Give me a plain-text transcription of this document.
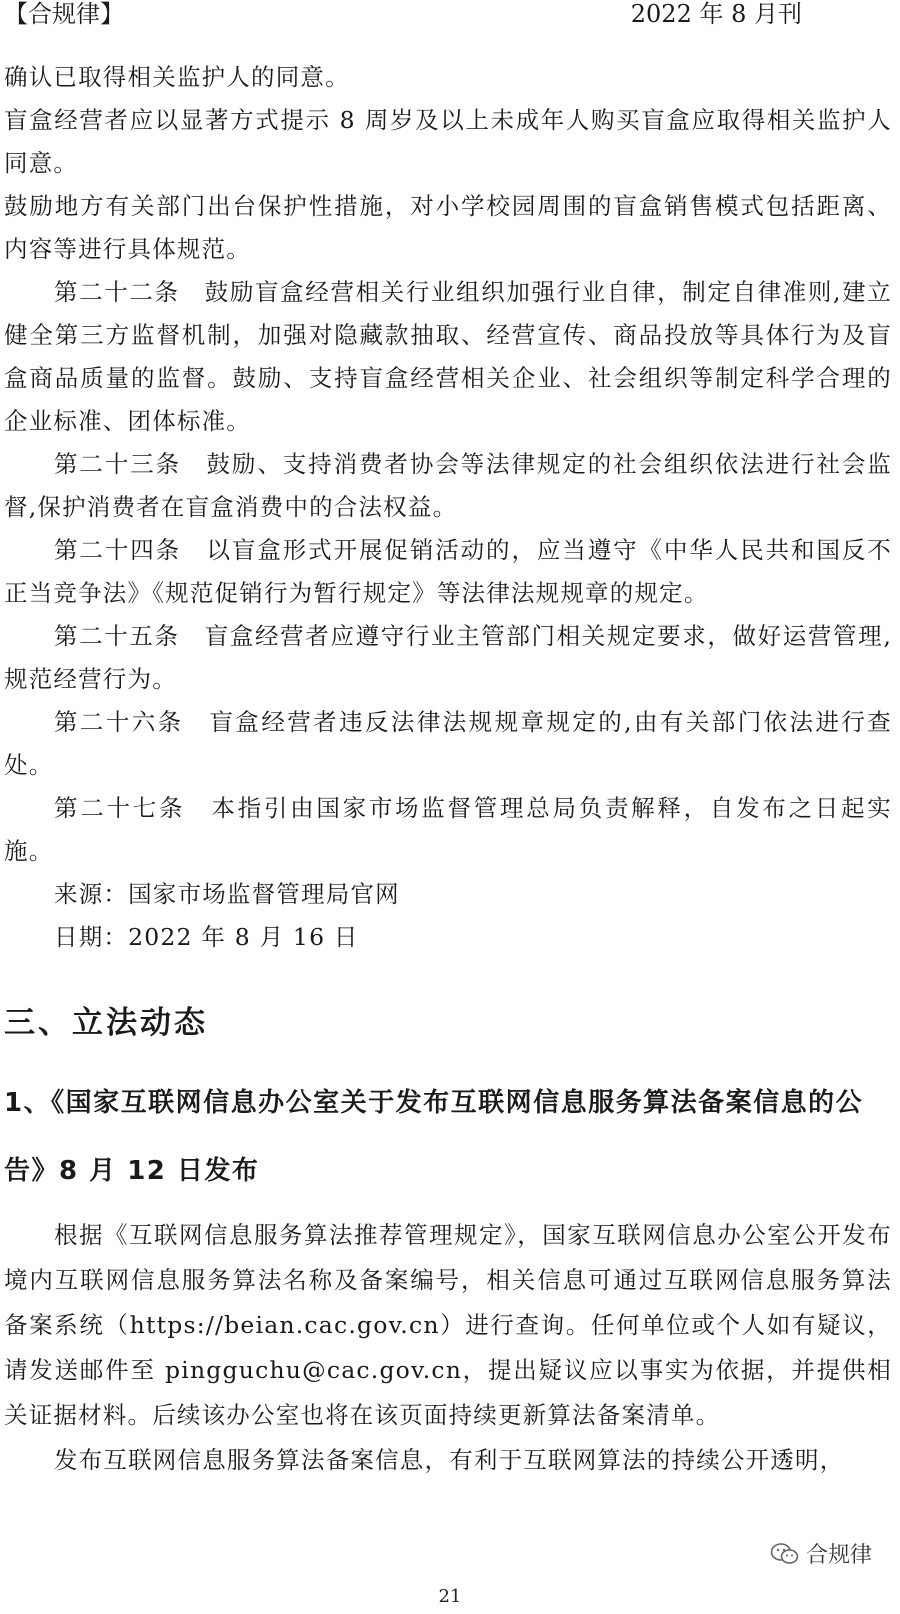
【合规律】	2022 年 8 月刊

确认已取得相关监护人的同意。

盲盒经营者应以显著方式提示 8 周岁及以上未成年人购买盲盒应取得相关监护人同意。

鼓励地方有关部门出台保护性措施，对小学校园周围的盲盒销售模式包括距离、内容等进行具体规范。

第二十二条　鼓励盲盒经营相关行业组织加强行业自律，制定自律准则,建立健全第三方监督机制，加强对隐藏款抽取、经营宣传、商品投放等具体行为及盲盒商品质量的监督。鼓励、支持盲盒经营相关企业、社会组织等制定科学合理的企业标准、团体标准。

第二十三条　鼓励、支持消费者协会等法律规定的社会组织依法进行社会监督,保护消费者在盲盒消费中的合法权益。

第二十四条　以盲盒形式开展促销活动的，应当遵守《中华人民共和国反不正当竞争法》《规范促销行为暂行规定》等法律法规规章的规定。

第二十五条　盲盒经营者应遵守行业主管部门相关规定要求，做好运营管理,规范经营行为。

第二十六条　盲盒经营者违反法律法规规章规定的,由有关部门依法进行查处。

第二十七条　本指引由国家市场监督管理总局负责解释，自发布之日起实施。

来源：国家市场监督管理局官网

日期：2022 年 8 月 16 日

三、立法动态
1、《国家互联网信息办公室关于发布互联网信息服务算法备案信息的公告》8 月 12 日发布

根据《互联网信息服务算法推荐管理规定》，国家互联网信息办公室公开发布境内互联网信息服务算法名称及备案编号，相关信息可通过互联网信息服务算法备案系统（https://beian.cac.gov.cn）进行查询。任何单位或个人如有疑议，请发送邮件至 pingguchu@cac.gov.cn，提出疑议应以事实为依据，并提供相关证据材料。后续该办公室也将在该页面持续更新算法备案清单。

发布互联网信息服务算法备案信息，有利于互联网算法的持续公开透明，

合规律
21
